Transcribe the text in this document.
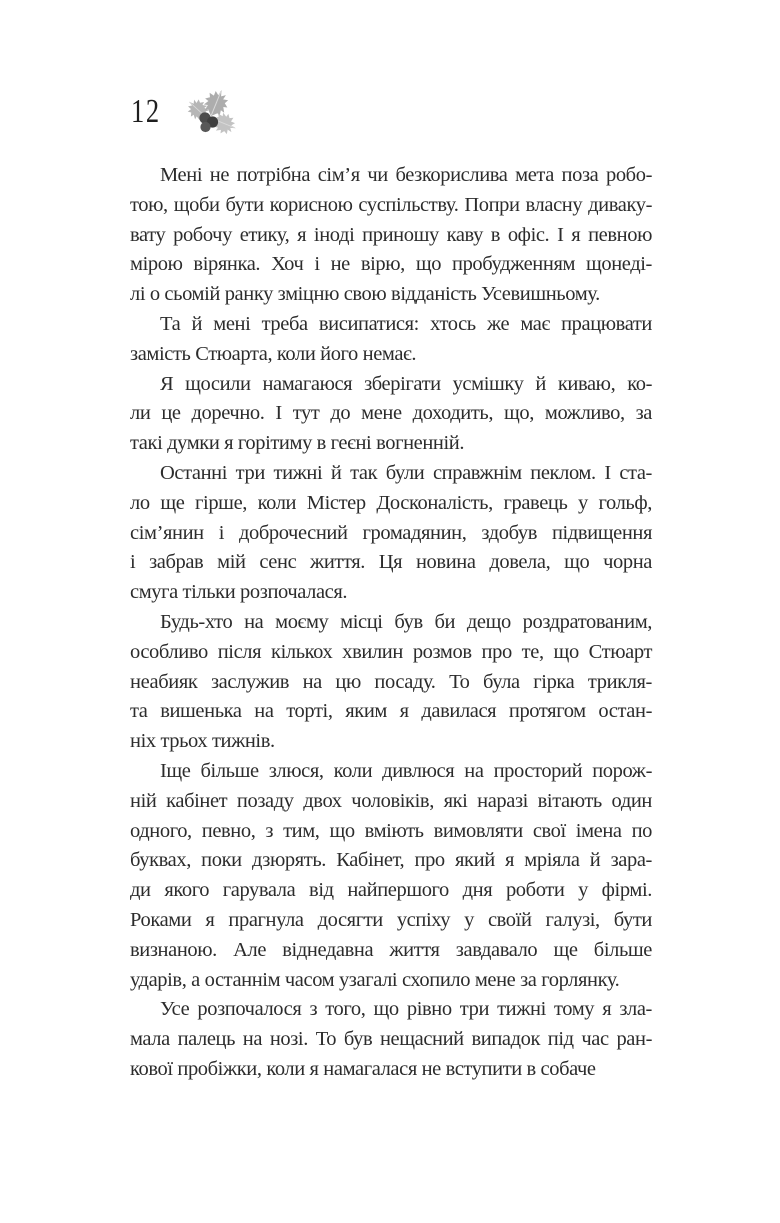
12
Мені не потрібна сім’я чи безкорислива мета поза робо-
тою, щоби бути корисною суспільству. Попри власну диваку-
вату робочу етику, я іноді приношу каву в офіс. І я певною
мірою вірянка. Хоч і не вірю, що пробудженням щонеді-
лі о сьомій ранку зміцню свою відданість Усевишньому.
Та й мені треба висипатися: хтось же має працювати
замість Стюарта, коли його немає.
Я щосили намагаюся зберігати усмішку й киваю, ко-
ли це доречно. І тут до мене доходить, що, можливо, за
такі думки я горітиму в геєні вогненній.
Останні три тижні й так були справжнім пеклом. І ста-
ло ще гірше, коли Містер Досконалість, гравець у гольф,
сім’янин і доброчесний громадянин, здобув підвищення
і забрав мій сенс життя. Ця новина довела, що чорна
смуга тільки розпочалася.
Будь-хто на моєму місці був би дещо роздратованим,
особливо після кількох хвилин розмов про те, що Стюарт
неабияк заслужив на цю посаду. То була гірка трикля-
та вишенька на торті, яким я давилася протягом остан-
ніх трьох тижнів.
Іще більше злюся, коли дивлюся на просторий порож-
ній кабінет позаду двох чоловіків, які наразі вітають один
одного, певно, з тим, що вміють вимовляти свої імена по
буквах, поки дзюрять. Кабінет, про який я мріяла й зара-
ди якого гарувала від найпершого дня роботи у фірмі.
Роками я прагнула досягти успіху у своїй галузі, бути
визнаною. Але віднедавна життя завдавало ще більше
ударів, а останнім часом узагалі схопило мене за горлянку.
Усе розпочалося з того, що рівно три тижні тому я зла-
мала палець на нозі. То був нещасний випадок під час ран-
кової пробіжки, коли я намагалася не вступити в собаче
